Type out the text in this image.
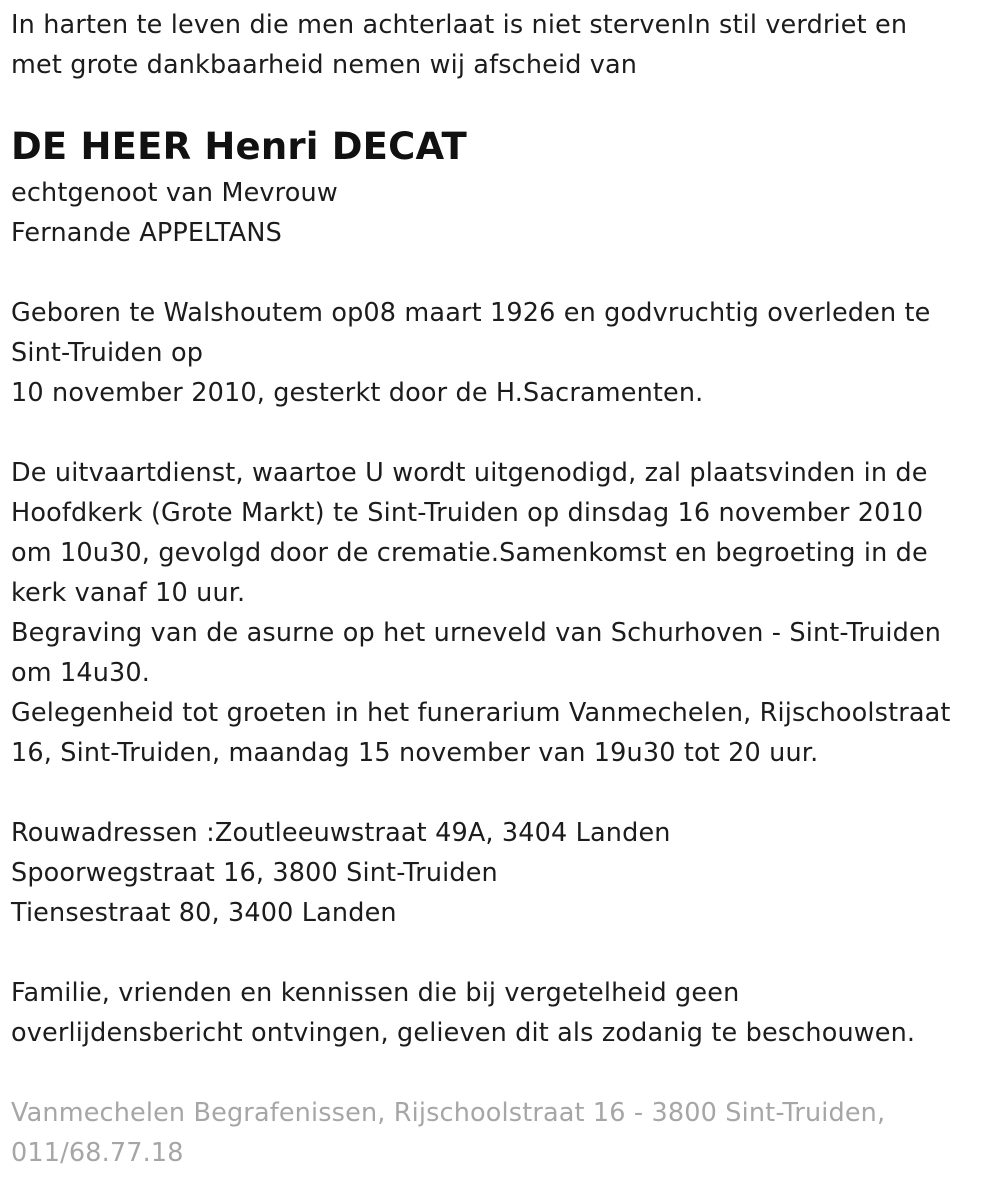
In harten te leven die men achterlaat is niet stervenIn stil verdriet en
met grote dankbaarheid nemen wij afscheid van
DE HEER Henri DECAT
echtgenoot van Mevrouw
Fernande APPELTANS
Geboren te Walshoutem op08 maart 1926 en godvruchtig overleden te
Sint-Truiden op
10 november 2010, gesterkt door de H.Sacramenten.
De uitvaartdienst, waartoe U wordt uitgenodigd, zal plaatsvinden in de
Hoofdkerk (Grote Markt) te Sint-Truiden op dinsdag 16 november 2010
om 10u30, gevolgd door de crematie.Samenkomst en begroeting in de
kerk vanaf 10 uur.
Begraving van de asurne op het urneveld van Schurhoven - Sint-Truiden
om 14u30.
Gelegenheid tot groeten in het funerarium Vanmechelen, Rijschoolstraat
16, Sint-Truiden, maandag 15 november van 19u30 tot 20 uur.
Rouwadressen :Zoutleeuwstraat 49A, 3404 Landen
Spoorwegstraat 16, 3800 Sint-Truiden
Tiensestraat 80, 3400 Landen
Familie, vrienden en kennissen die bij vergetelheid geen
overlijdensbericht ontvingen, gelieven dit als zodanig te beschouwen.
Vanmechelen Begrafenissen, Rijschoolstraat 16 - 3800 Sint-Truiden,
011/68.77.18
